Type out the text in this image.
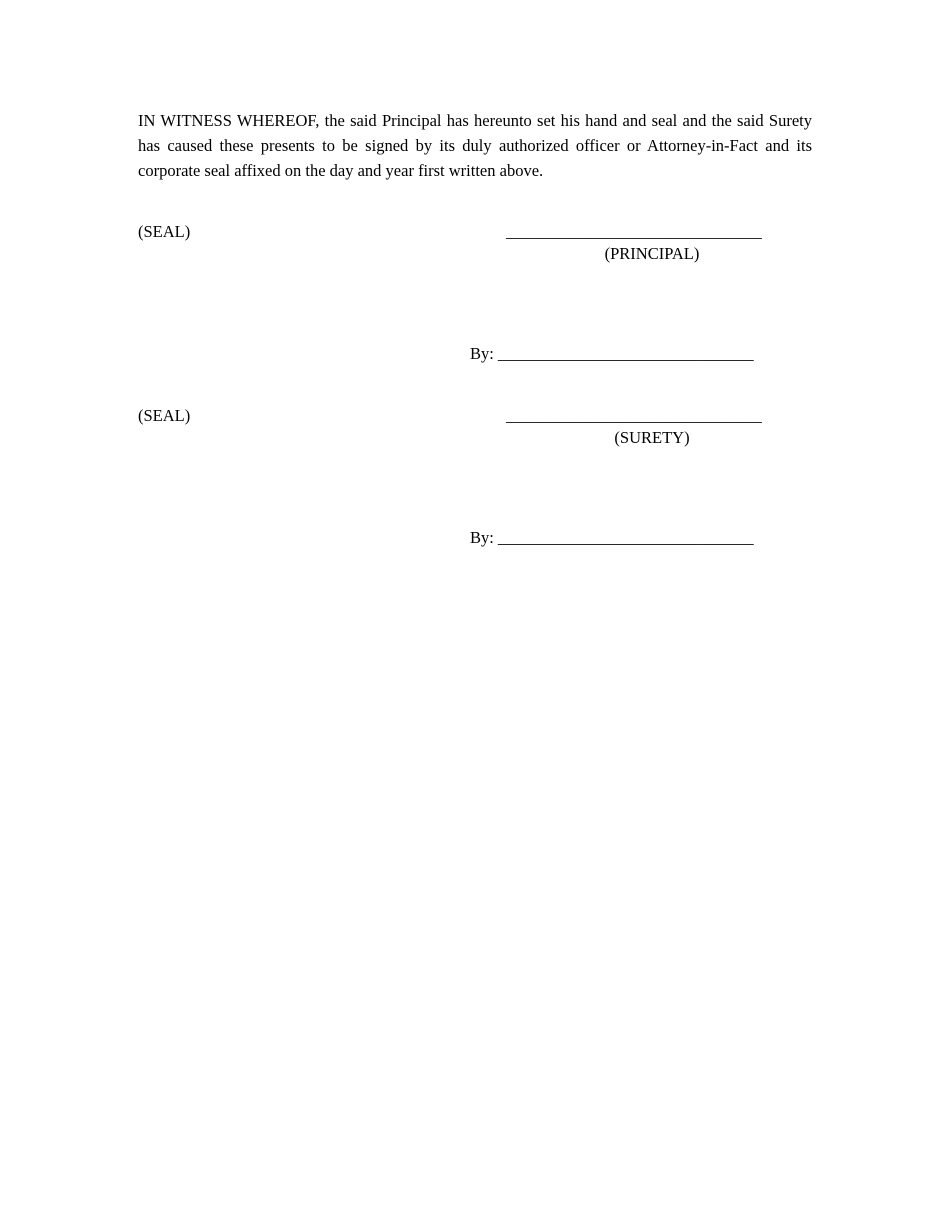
IN WITNESS WHEREOF, the said Principal has hereunto set his hand and seal and the said Surety has caused these presents to be signed by its duly authorized officer or Attorney-in-Fact and its corporate seal affixed on the day and year first written above.

(SEAL)	_______________________________
(PRINCIPAL)
By: _______________________________
(SEAL)	_______________________________
(SURETY)
By: _______________________________
